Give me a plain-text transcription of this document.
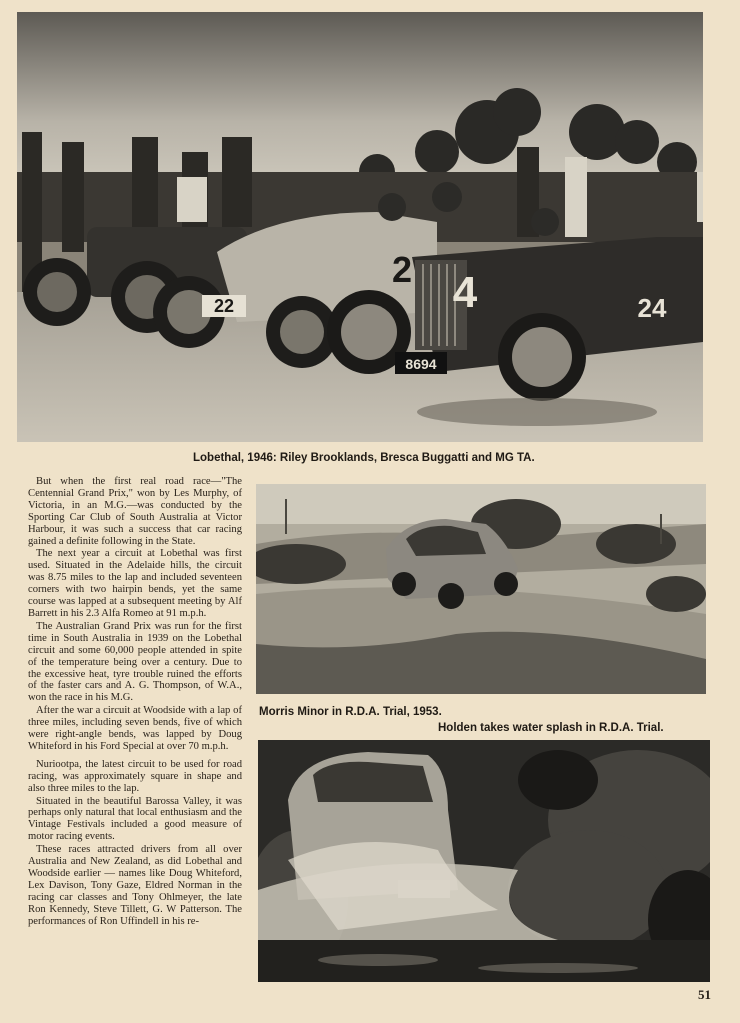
22
2
8694
4	24
Lobethal, 1946: Riley Brooklands, Bresca Buggatti and MG TA.

But when the first real road race—"The Centennial Grand Prix," won by Les Murphy, of Victoria, in an M.G.—was conducted by the Sporting Car Club of South Australia at Victor Harbour, it was such a success that car racing gained a definite following in the State.

The next year a circuit at Lobethal was first used. Situated in the Adelaide hills, the circuit was 8.75 miles to the lap and included seventeen corners with two hairpin bends, yet the same course was lapped at a subsequent meeting by Alf Barrett in his 2.3 Alfa Romeo at 91 m.p.h.

The Australian Grand Prix was run for the first time in South Australia in 1939 on the Lobethal circuit and some 60,000 people attended in spite of the temperature being over a century. Due to the excessive heat, tyre trouble ruined the efforts of the faster cars and A. G. Thompson, of W.A., won the race in his M.G.

After the war a circuit at Woodside with a lap of three miles, including seven bends, five of which were right-angle bends, was lapped by Doug Whiteford in his Ford Special at over 70 m.p.h.

Nuriootpa, the latest circuit to be used for road racing, was approximately square in shape and also three miles to the lap.

Situated in the beautiful Barossa Valley, it was perhaps only natural that local enthusiasm and the Vintage Festivals included a good measure of motor racing events.

These races attracted drivers from all over Australia and New Zealand, as did Lobethal and Woodside earlier — names like Doug Whiteford, Lex Davison, Tony Gaze, Eldred Norman in the racing car classes and Tony Ohlmeyer, the late Ron Kennedy, Steve Tillett, G. W Patterson. The performances of Ron Uffindell in his re-

Morris Minor in R.D.A. Trial, 1953.
Holden takes water splash in R.D.A. Trial.
51
